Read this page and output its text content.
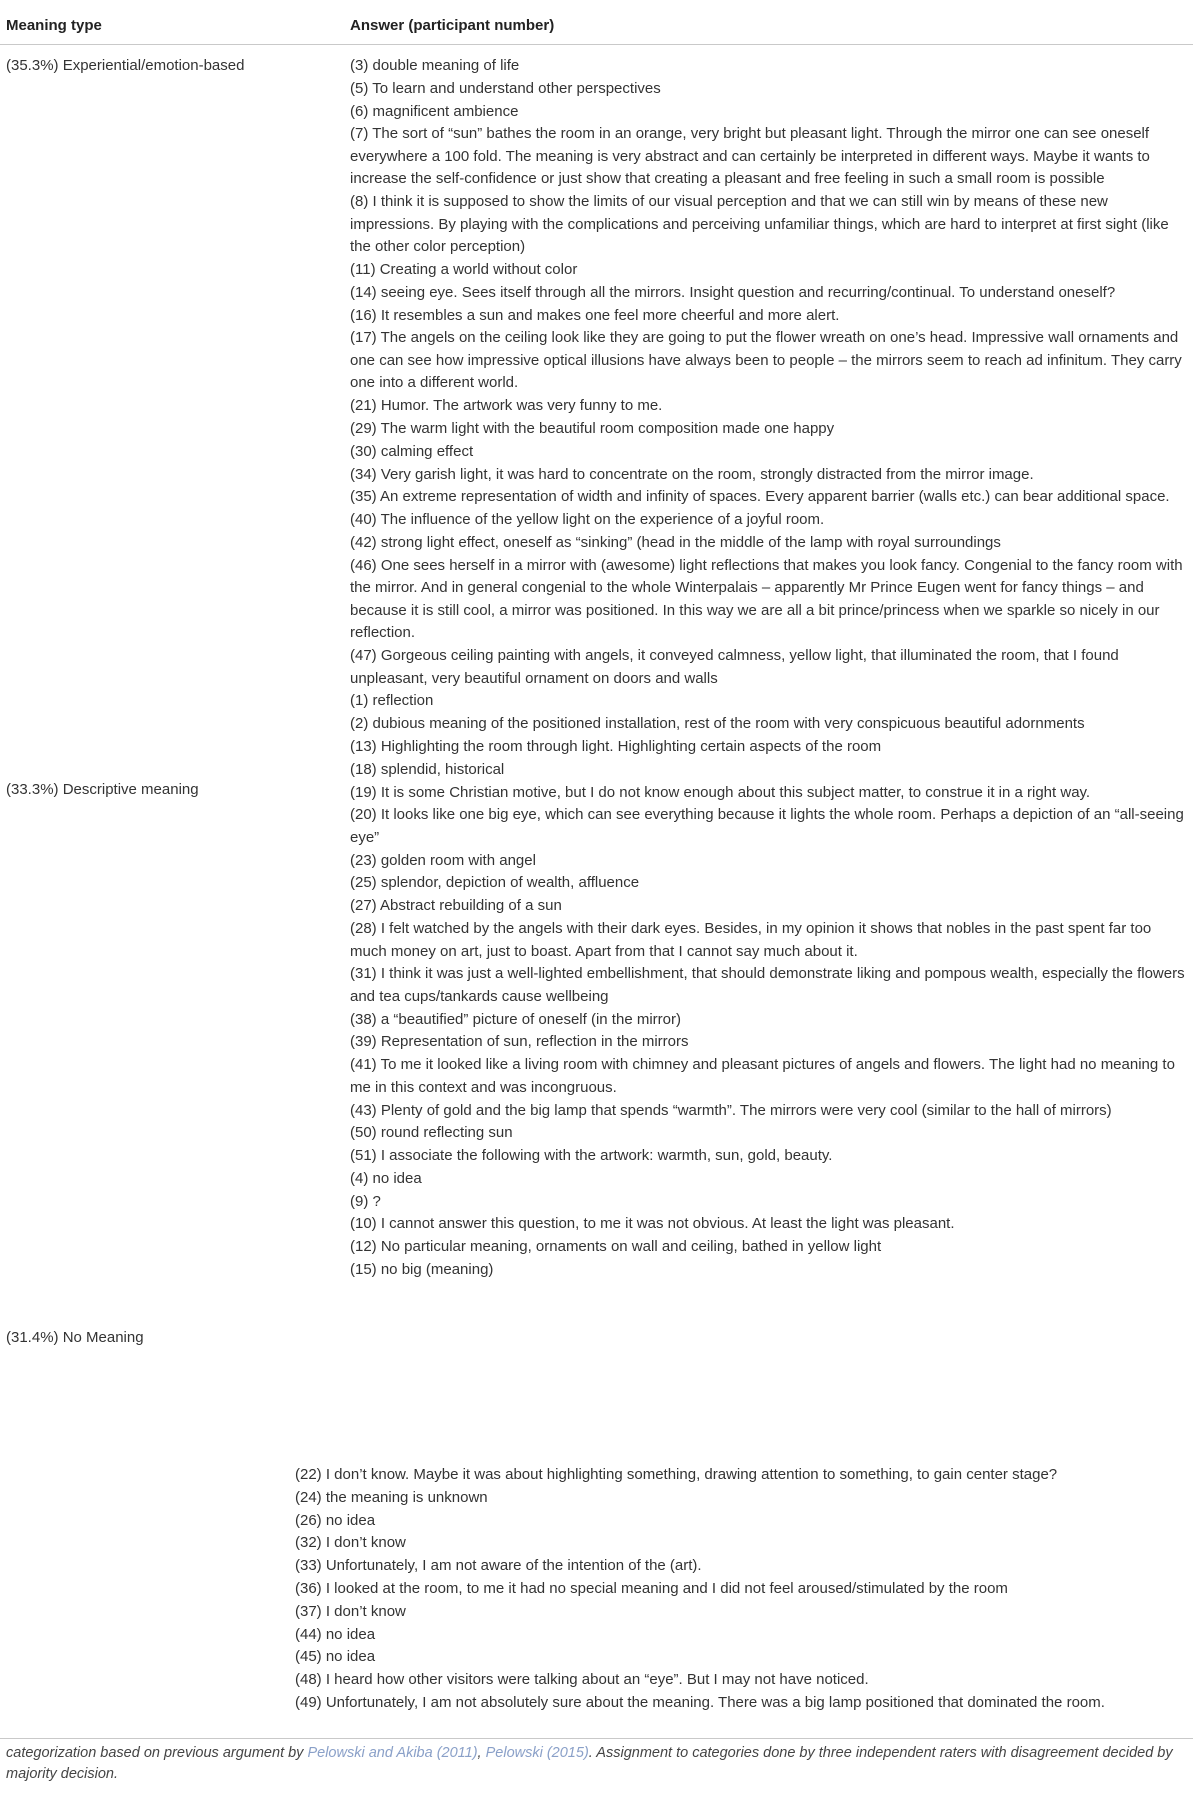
Meaning type	Answer (participant number)
(35.3%) Experiential/emotion-based
(33.3%) Descriptive meaning
(31.4%) No Meaning
(3) double meaning of life
(5) To learn and understand other perspectives
(6) magnificent ambience
(7) The sort of “sun” bathes the room in an orange, very bright but pleasant light. Through the mirror one can see oneself everywhere a 100 fold. The meaning is very abstract and can certainly be interpreted in different ways. Maybe it wants to increase the self-confidence or just show that creating a pleasant and free feeling in such a small room is possible
(8) I think it is supposed to show the limits of our visual perception and that we can still win by means of these new impressions. By playing with the complications and perceiving unfamiliar things, which are hard to interpret at first sight (like the other color perception)
(11) Creating a world without color
(14) seeing eye. Sees itself through all the mirrors. Insight question and recurring/continual. To understand oneself?
(16) It resembles a sun and makes one feel more cheerful and more alert.
(17) The angels on the ceiling look like they are going to put the flower wreath on one’s head. Impressive wall ornaments and one can see how impressive optical illusions have always been to people – the mirrors seem to reach ad infinitum. They carry one into a different world.
(21) Humor. The artwork was very funny to me.
(29) The warm light with the beautiful room composition made one happy
(30) calming effect
(34) Very garish light, it was hard to concentrate on the room, strongly distracted from the mirror image.
(35) An extreme representation of width and infinity of spaces. Every apparent barrier (walls etc.) can bear additional space.
(40) The influence of the yellow light on the experience of a joyful room.
(42) strong light effect, oneself as “sinking” (head in the middle of the lamp with royal surroundings
(46) One sees herself in a mirror with (awesome) light reflections that makes you look fancy. Congenial to the fancy room with the mirror. And in general congenial to the whole Winterpalais – apparently Mr Prince Eugen went for fancy things – and because it is still cool, a mirror was positioned. In this way we are all a bit prince/princess when we sparkle so nicely in our reflection.
(47) Gorgeous ceiling painting with angels, it conveyed calmness, yellow light, that illuminated the room, that I found unpleasant, very beautiful ornament on doors and walls
(1) reflection
(2) dubious meaning of the positioned installation, rest of the room with very conspicuous beautiful adornments
(13) Highlighting the room through light. Highlighting certain aspects of the room
(18) splendid, historical
(19) It is some Christian motive, but I do not know enough about this subject matter, to construe it in a right way.
(20) It looks like one big eye, which can see everything because it lights the whole room. Perhaps a depiction of an “all-seeing eye”
(23) golden room with angel
(25) splendor, depiction of wealth, affluence
(27) Abstract rebuilding of a sun
(28) I felt watched by the angels with their dark eyes. Besides, in my opinion it shows that nobles in the past spent far too much money on art, just to boast. Apart from that I cannot say much about it.
(31) I think it was just a well-lighted embellishment, that should demonstrate liking and pompous wealth, especially the flowers and tea cups/tankards cause wellbeing
(38) a “beautified” picture of oneself (in the mirror)
(39) Representation of sun, reflection in the mirrors
(41) To me it looked like a living room with chimney and pleasant pictures of angels and flowers. The light had no meaning to me in this context and was incongruous.
(43) Plenty of gold and the big lamp that spends “warmth”. The mirrors were very cool (similar to the hall of mirrors)
(50) round reflecting sun
(51) I associate the following with the artwork: warmth, sun, gold, beauty.
(4) no idea
(9) ?
(10) I cannot answer this question, to me it was not obvious. At least the light was pleasant.
(12) No particular meaning, ornaments on wall and ceiling, bathed in yellow light
(15) no big (meaning)
(22) I don’t know. Maybe it was about highlighting something, drawing attention to something, to gain center stage?
(24) the meaning is unknown
(26) no idea
(32) I don’t know
(33) Unfortunately, I am not aware of the intention of the (art).
(36) I looked at the room, to me it had no special meaning and I did not feel aroused/stimulated by the room
(37) I don’t know
(44) no idea
(45) no idea
(48) I heard how other visitors were talking about an “eye”. But I may not have noticed.
(49) Unfortunately, I am not absolutely sure about the meaning. There was a big lamp positioned that dominated the room.
categorization based on previous argument by Pelowski and Akiba (2011), Pelowski (2015). Assignment to categories done by three independent raters with disagreement decided by majority decision.
